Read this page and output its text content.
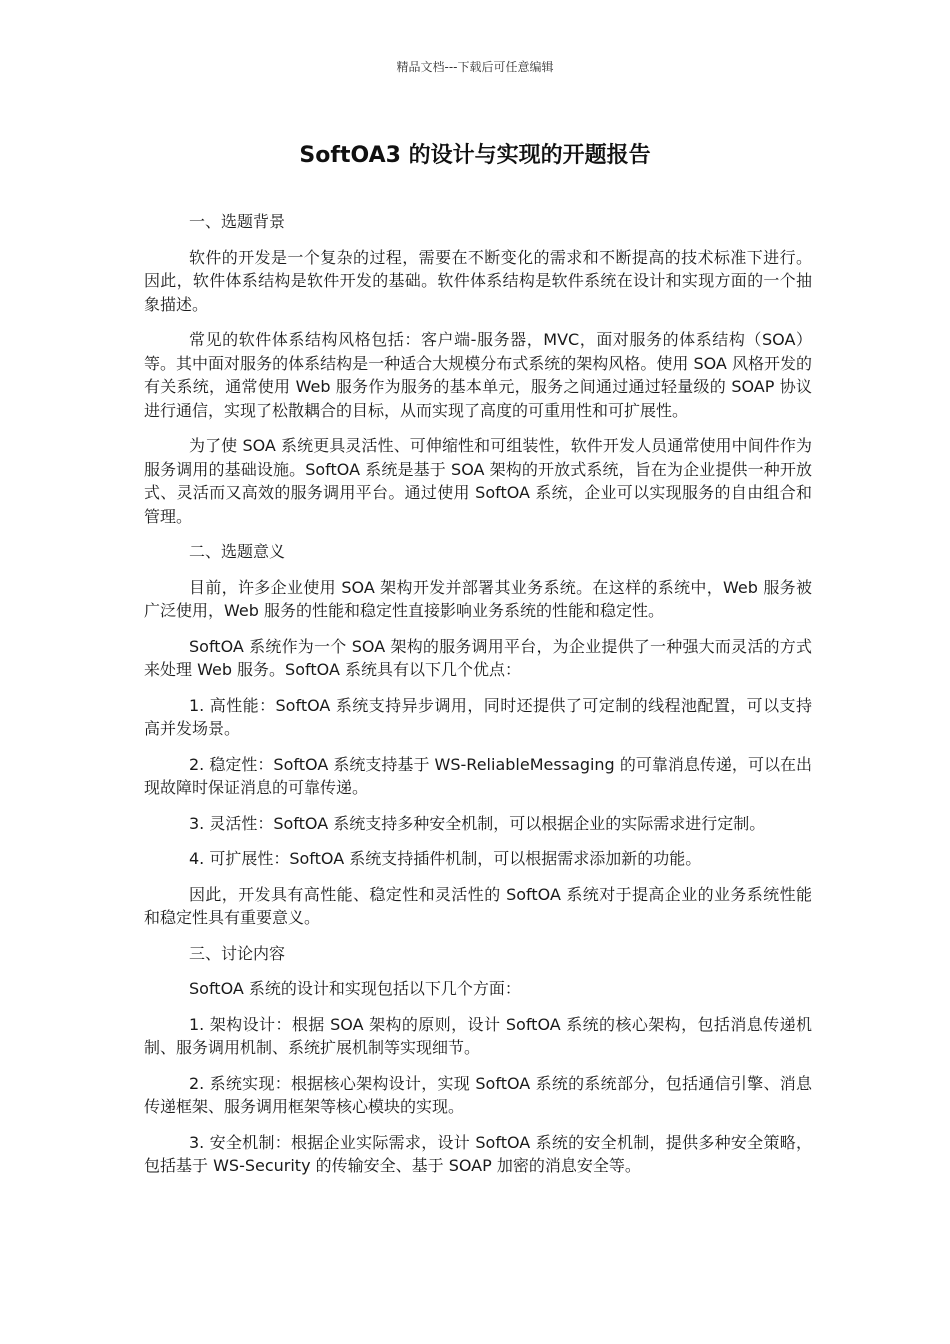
精品文档---下载后可任意编辑
SoftOA3 的设计与实现的开题报告

一、选题背景

软件的开发是一个复杂的过程，需要在不断变化的需求和不断提高的技术标准下进行。因此，软件体系结构是软件开发的基础。软件体系结构是软件系统在设计和实现方面的一个抽象描述。

常见的软件体系结构风格包括：客户端-服务器，MVC，面对服务的体系结构（SOA）等。其中面对服务的体系结构是一种适合大规模分布式系统的架构风格。使用 SOA 风格开发的有关系统，通常使用 Web 服务作为服务的基本单元，服务之间通过通过轻量级的 SOAP 协议进行通信，实现了松散耦合的目标，从而实现了高度的可重用性和可扩展性。

为了使 SOA 系统更具灵活性、可伸缩性和可组装性，软件开发人员通常使用中间件作为服务调用的基础设施。SoftOA 系统是基于 SOA 架构的开放式系统，旨在为企业提供一种开放式、灵活而又高效的服务调用平台。通过使用 SoftOA 系统，企业可以实现服务的自由组合和管理。

二、选题意义

目前，许多企业使用 SOA 架构开发并部署其业务系统。在这样的系统中，Web 服务被广泛使用，Web 服务的性能和稳定性直接影响业务系统的性能和稳定性。

SoftOA 系统作为一个 SOA 架构的服务调用平台，为企业提供了一种强大而灵活的方式来处理 Web 服务。SoftOA 系统具有以下几个优点：

1. 高性能：SoftOA 系统支持异步调用，同时还提供了可定制的线程池配置，可以支持高并发场景。

2. 稳定性：SoftOA 系统支持基于 WS-ReliableMessaging 的可靠消息传递，可以在出现故障时保证消息的可靠传递。

3. 灵活性：SoftOA 系统支持多种安全机制，可以根据企业的实际需求进行定制。

4. 可扩展性：SoftOA 系统支持插件机制，可以根据需求添加新的功能。

因此，开发具有高性能、稳定性和灵活性的 SoftOA 系统对于提高企业的业务系统性能和稳定性具有重要意义。

三、讨论内容

SoftOA 系统的设计和实现包括以下几个方面：

1. 架构设计：根据 SOA 架构的原则，设计 SoftOA 系统的核心架构，包括消息传递机制、服务调用机制、系统扩展机制等实现细节。

2. 系统实现：根据核心架构设计，实现 SoftOA 系统的系统部分，包括通信引擎、消息传递框架、服务调用框架等核心模块的实现。

3. 安全机制：根据企业实际需求，设计 SoftOA 系统的安全机制，提供多种安全策略，包括基于 WS-Security 的传输安全、基于 SOAP 加密的消息安全等。
